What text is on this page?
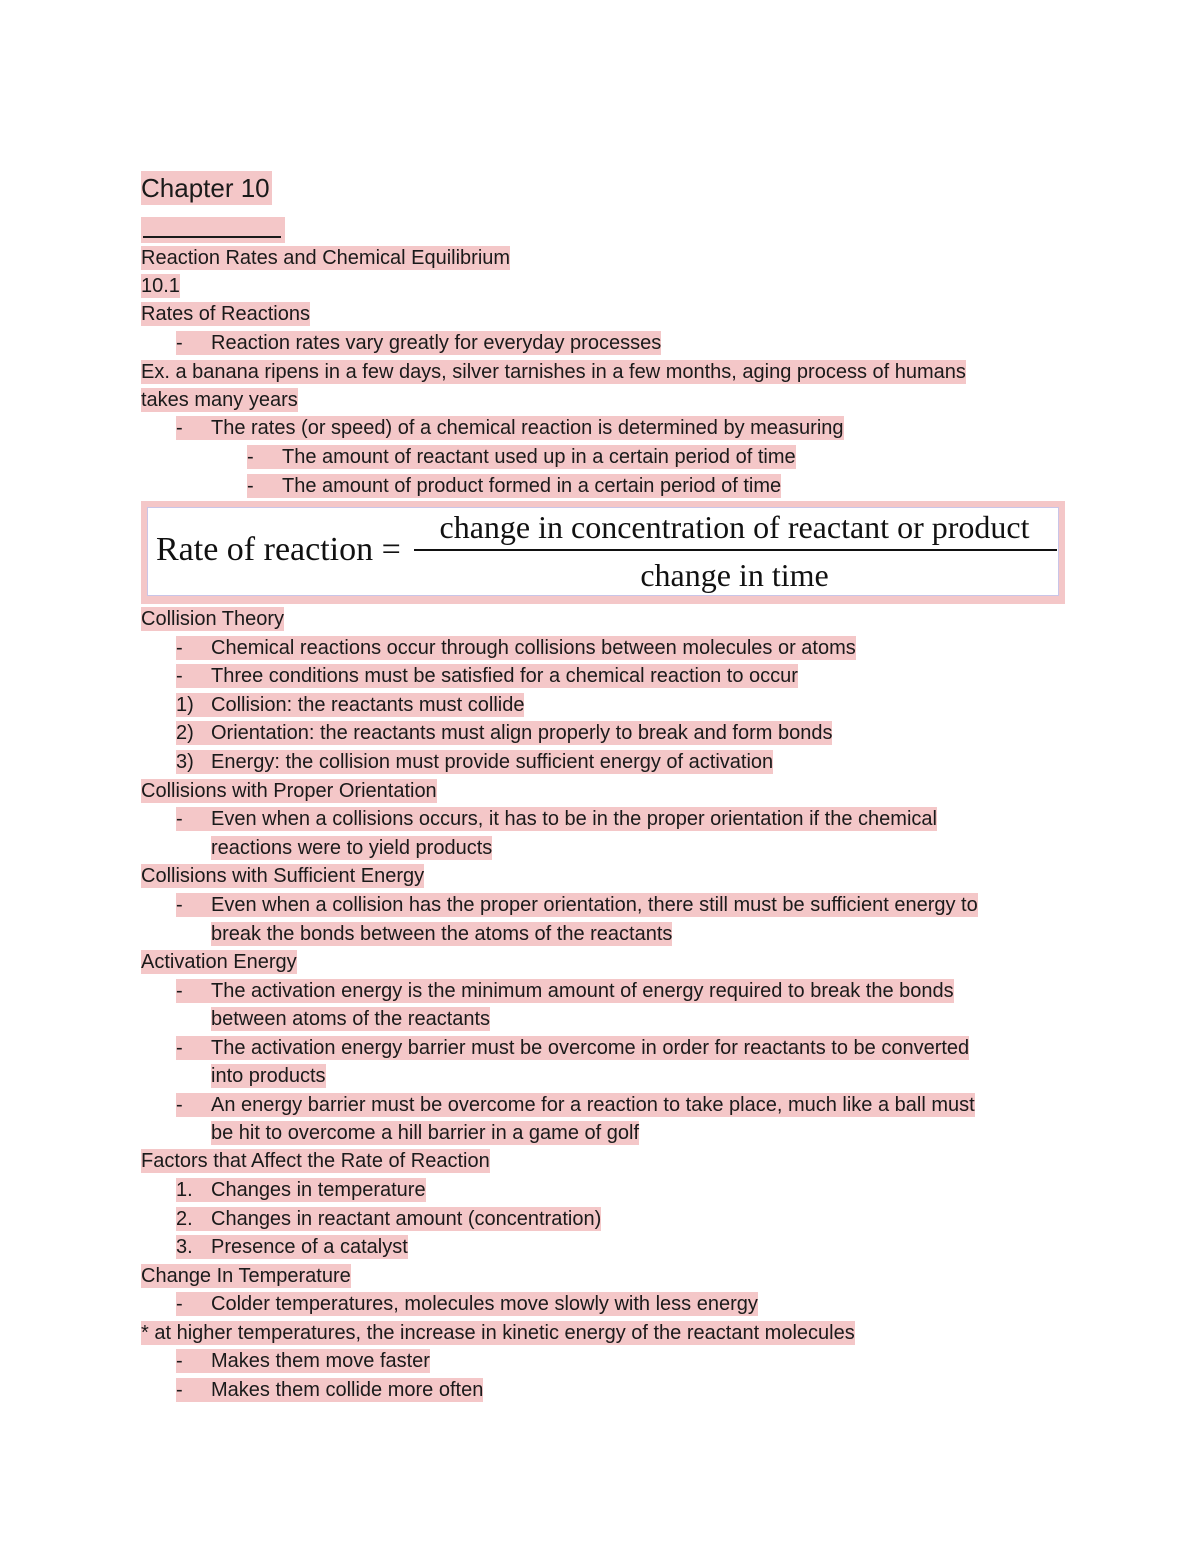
Chapter 10
Reaction Rates and Chemical Equilibrium
10.1
Rates of Reactions
- Reaction rates vary greatly for everyday processes
Ex. a banana ripens in a few days, silver tarnishes in a few months, aging process of humans
takes many years
- The rates (or speed) of a chemical reaction is determined by measuring
- The amount of reactant used up in a certain period of time
- The amount of product formed in a certain period of time
Rate of reaction =
change in concentration of reactant or product
change in time
Collision Theory
- Chemical reactions occur through collisions between molecules or atoms
- Three conditions must be satisfied for a chemical reaction to occur
1) Collision: the reactants must collide
2) Orientation: the reactants must align properly to break and form bonds
3) Energy: the collision must provide sufficient energy of activation
Collisions with Proper Orientation
- Even when a collisions occurs, it has to be in the proper orientation if the chemical
reactions were to yield products
Collisions with Sufficient Energy
- Even when a collision has the proper orientation, there still must be sufficient energy to
break the bonds between the atoms of the reactants
Activation Energy
- The activation energy is the minimum amount of energy required to break the bonds
between atoms of the reactants
- The activation energy barrier must be overcome in order for reactants to be converted
into products
- An energy barrier must be overcome for a reaction to take place, much like a ball must
be hit to overcome a hill barrier in a game of golf
Factors that Affect the Rate of Reaction
1. Changes in temperature
2. Changes in reactant amount (concentration)
3. Presence of a catalyst
Change In Temperature
- Colder temperatures, molecules move slowly with less energy
* at higher temperatures, the increase in kinetic energy of the reactant molecules
- Makes them move faster
- Makes them collide more often
